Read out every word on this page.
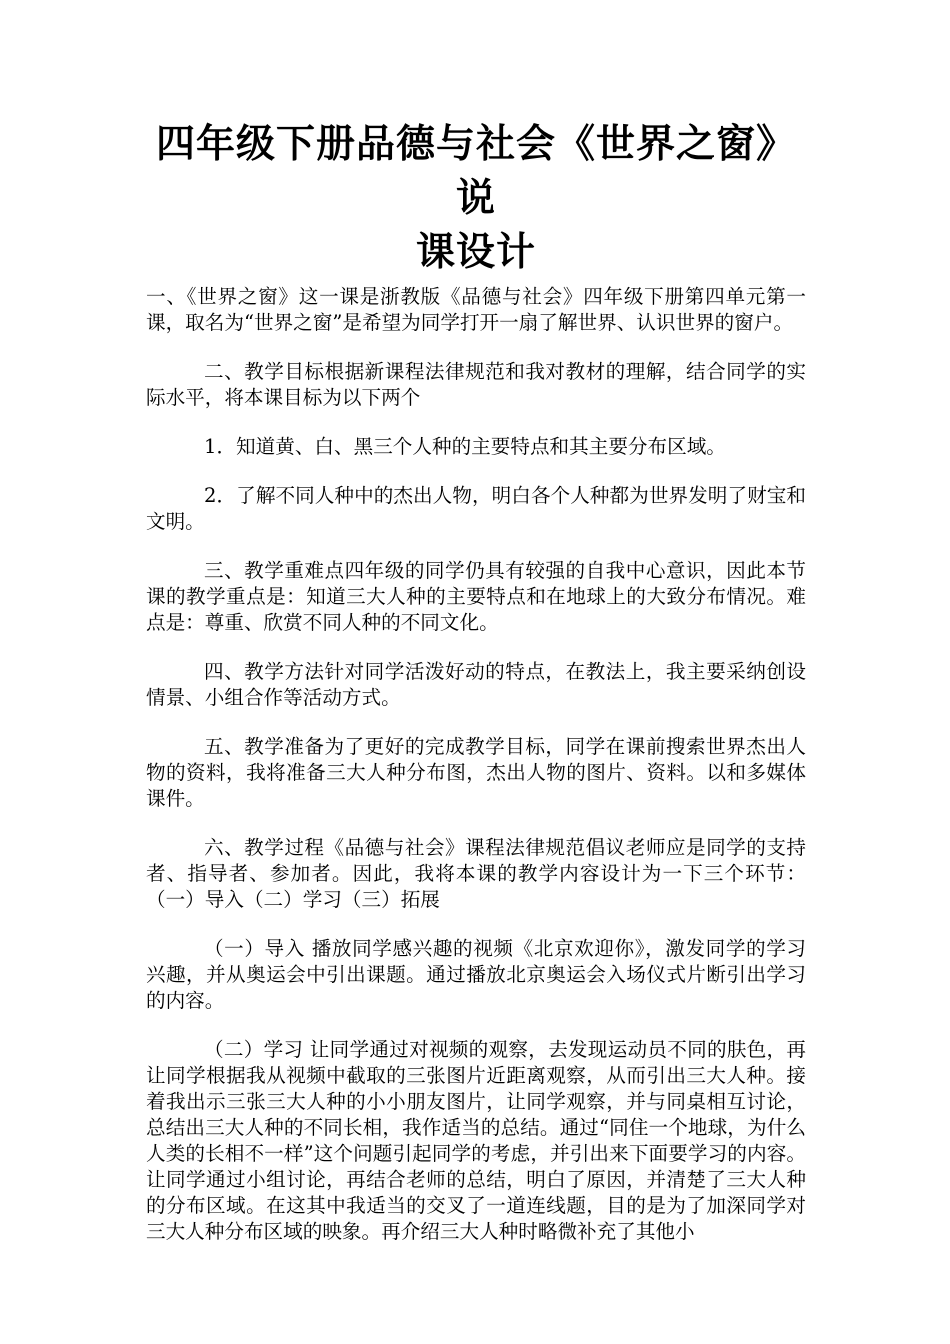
四年级下册品德与社会《世界之窗》说
课设计

一、《世界之窗》这一课是浙教版《品德与社会》四年级下册第四单元第一课，取名为“世界之窗”是希望为同学打开一扇了解世界、认识世界的窗户。

二、教学目标根据新课程法律规范和我对教材的理解，结合同学的实际水平，将本课目标为以下两个

1．知道黄、白、黑三个人种的主要特点和其主要分布区域。

2．了解不同人种中的杰出人物，明白各个人种都为世界发明了财宝和文明。

三、教学重难点四年级的同学仍具有较强的自我中心意识，因此本节课的教学重点是：知道三大人种的主要特点和在地球上的大致分布情况。难点是：尊重、欣赏不同人种的不同文化。

四、教学方法针对同学活泼好动的特点，在教法上，我主要采纳创设情景、小组合作等活动方式。

五、教学准备为了更好的完成教学目标，同学在课前搜索世界杰出人物的资料，我将准备三大人种分布图，杰出人物的图片、资料。以和多媒体课件。

六、教学过程《品德与社会》课程法律规范倡议老师应是同学的支持者、指导者、参加者。因此，我将本课的教学内容设计为一下三个环节：（一）导入（二）学习（三）拓展

（一）导入 播放同学感兴趣的视频《北京欢迎你》，激发同学的学习兴趣，并从奥运会中引出课题。通过播放北京奥运会入场仪式片断引出学习的内容。

（二）学习 让同学通过对视频的观察，去发现运动员不同的肤色，再让同学根据我从视频中截取的三张图片近距离观察，从而引出三大人种。接着我出示三张三大人种的小小朋友图片，让同学观察，并与同桌相互讨论，总结出三大人种的不同长相，我作适当的总结。通过“同住一个地球，为什么人类的长相不一样”这个问题引起同学的考虑，并引出来下面要学习的内容。让同学通过小组讨论，再结合老师的总结，明白了原因，并清楚了三大人种的分布区域。在这其中我适当的交叉了一道连线题，目的是为了加深同学对三大人种分布区域的映象。再介绍三大人种时略微补充了其他小
